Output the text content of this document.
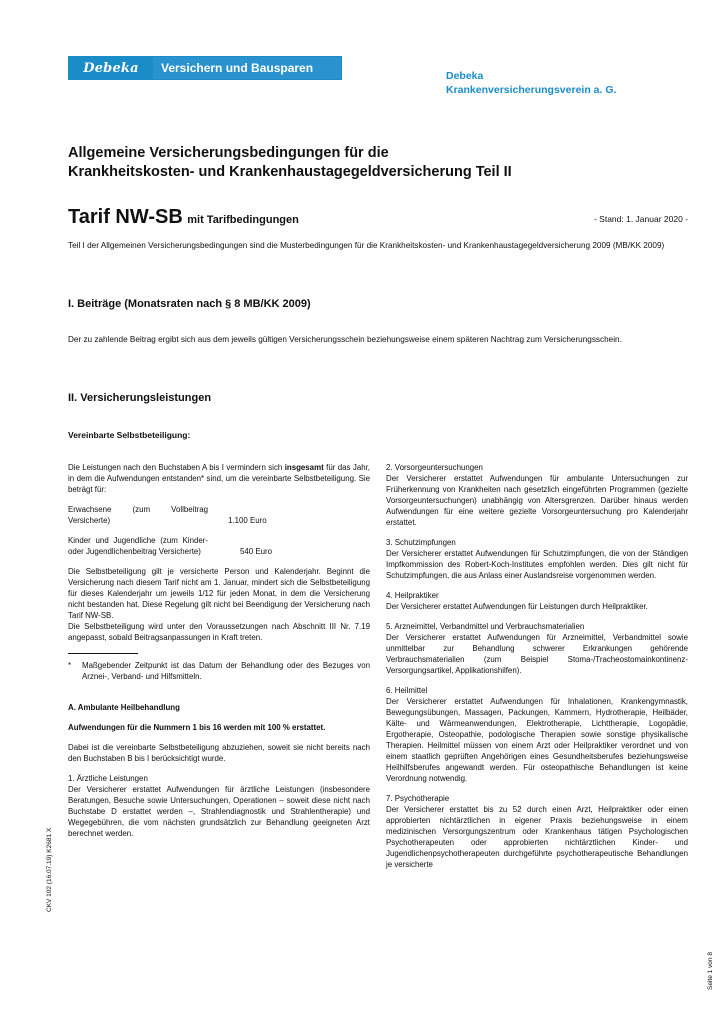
Debeka	Versichern und Bausparen
Debeka
Krankenversicherungsverein a. G.
Allgemeine Versicherungsbedingungen für die
Krankheitskosten- und Krankenhaustagegeldversicherung Teil II
Tarif NW-SB mit Tarifbedingungen	- Stand: 1. Januar 2020 -
Teil I der Allgemeinen Versicherungsbedingungen sind die Musterbedingungen für die Krankheitskosten- und Krankenhaustagegeldversicherung 2009 (MB/KK 2009)
I. Beiträge (Monatsraten nach § 8 MB/KK 2009)
Der zu zahlende Beitrag ergibt sich aus dem jeweils gültigen Versicherungsschein beziehungsweise einem späteren Nachtrag zum Versicherungsschein.
II. Versicherungsleistungen
Vereinbarte Selbstbeteiligung:

Die Leistungen nach den Buchstaben A bis I vermindern sich insgesamt für das Jahr, in dem die Aufwendungen entstanden* sind, um die vereinbarte Selbstbeteiligung. Sie beträgt für:

Erwachsene (zum Vollbeitrag Versicherte)	1.100 Euro
Kinder und Jugendliche (zum Kinder- oder Jugendlichenbeitrag Versicherte)	540 Euro

Die Selbstbeteiligung gilt je versicherte Person und Kalenderjahr. Beginnt die Versicherung nach diesem Tarif nicht am 1. Januar, mindert sich die Selbstbeteiligung für dieses Kalenderjahr um jeweils 1/12 für jeden Monat, in dem die Versicherung nicht bestanden hat. Diese Regelung gilt nicht bei Beendigung der Versicherung nach Tarif NW-SB.

Die Selbstbeteiligung wird unter den Voraussetzungen nach Abschnitt III Nr. 7.19 angepasst, sobald Beitragsanpassungen in Kraft treten.

*	Maßgebender Zeitpunkt ist das Datum der Behandlung oder des Bezuges von Arznei-, Verband- und Hilfsmitteln.

A. Ambulante Heilbehandlung

Aufwendungen für die Nummern 1 bis 16 werden mit 100 % erstattet.

Dabei ist die vereinbarte Selbstbeteiligung abzuziehen, soweit sie nicht bereits nach den Buchstaben B bis I berücksichtigt wurde.

1. Ärztliche Leistungen

Der Versicherer erstattet Aufwendungen für ärztliche Leistungen (insbesondere Beratungen, Besuche sowie Untersuchungen, Operationen – soweit diese nicht nach Buchstabe D erstattet werden –, Strahlendiagnostik und Strahlentherapie) und Wegegebühren, die vom nächsten grundsätzlich zur Behandlung geeigneten Arzt berechnet werden.

2. Vorsorgeuntersuchungen

Der Versicherer erstattet Aufwendungen für ambulante Untersuchungen zur Früherkennung von Krankheiten nach gesetzlich eingeführten Programmen (gezielte Vorsorgeuntersuchungen) unabhängig von Altersgrenzen. Darüber hinaus werden Aufwendungen für eine weitere gezielte Vorsorgeuntersuchung pro Kalenderjahr erstattet.

3. Schutzimpfungen

Der Versicherer erstattet Aufwendungen für Schutzimpfungen, die von der Ständigen Impfkommission des Robert-Koch-Institutes empfohlen werden. Dies gilt nicht für Schutzimpfungen, die aus Anlass einer Auslandsreise vorgenommen werden.

4. Heilpraktiker

Der Versicherer erstattet Aufwendungen für Leistungen durch Heilpraktiker.

5. Arzneimittel, Verbandmittel und Verbrauchsmaterialien

Der Versicherer erstattet Aufwendungen für Arzneimittel, Verbandmittel sowie unmittelbar zur Behandlung schwerer Erkrankungen gehörende Verbrauchsmaterialien (zum Beispiel Stoma-/Tracheostomainkontinenz-Versorgungsartikel, Applikationshilfen).

6. Heilmittel

Der Versicherer erstattet Aufwendungen für Inhalationen, Krankengymnastik, Bewegungsübungen, Massagen, Packungen, Kammern, Hydrotherapie, Heilbäder, Kälte- und Wärmeanwendungen, Elektrotherapie, Lichttherapie, Logopädie, Ergotherapie, Osteopathie, podologische Therapien sowie sonstige physikalische Therapien. Heilmittel müssen von einem Arzt oder Heilpraktiker verordnet und von einem staatlich geprüften Angehörigen eines Gesundheitsberufes beziehungsweise Heilhilfsberufes angewandt werden. Für osteopathische Behandlungen ist keine Verordnung notwendig.

7. Psychotherapie

Der Versicherer erstattet bis zu 52 durch einen Arzt, Heilpraktiker oder einen approbierten nichtärztlichen in eigener Praxis beziehungsweise in einem medizinischen Versorgungszentrum oder Krankenhaus tätigen Psychologischen Psychotherapeuten oder approbierten nichtärztlichen Kinder- und Jugendlichenpsychotherapeuten durchgeführte psychotherapeutische Behandlungen je versicherte

CKV 102 (16.07.19) K2681 X
Seite 1 von 8
